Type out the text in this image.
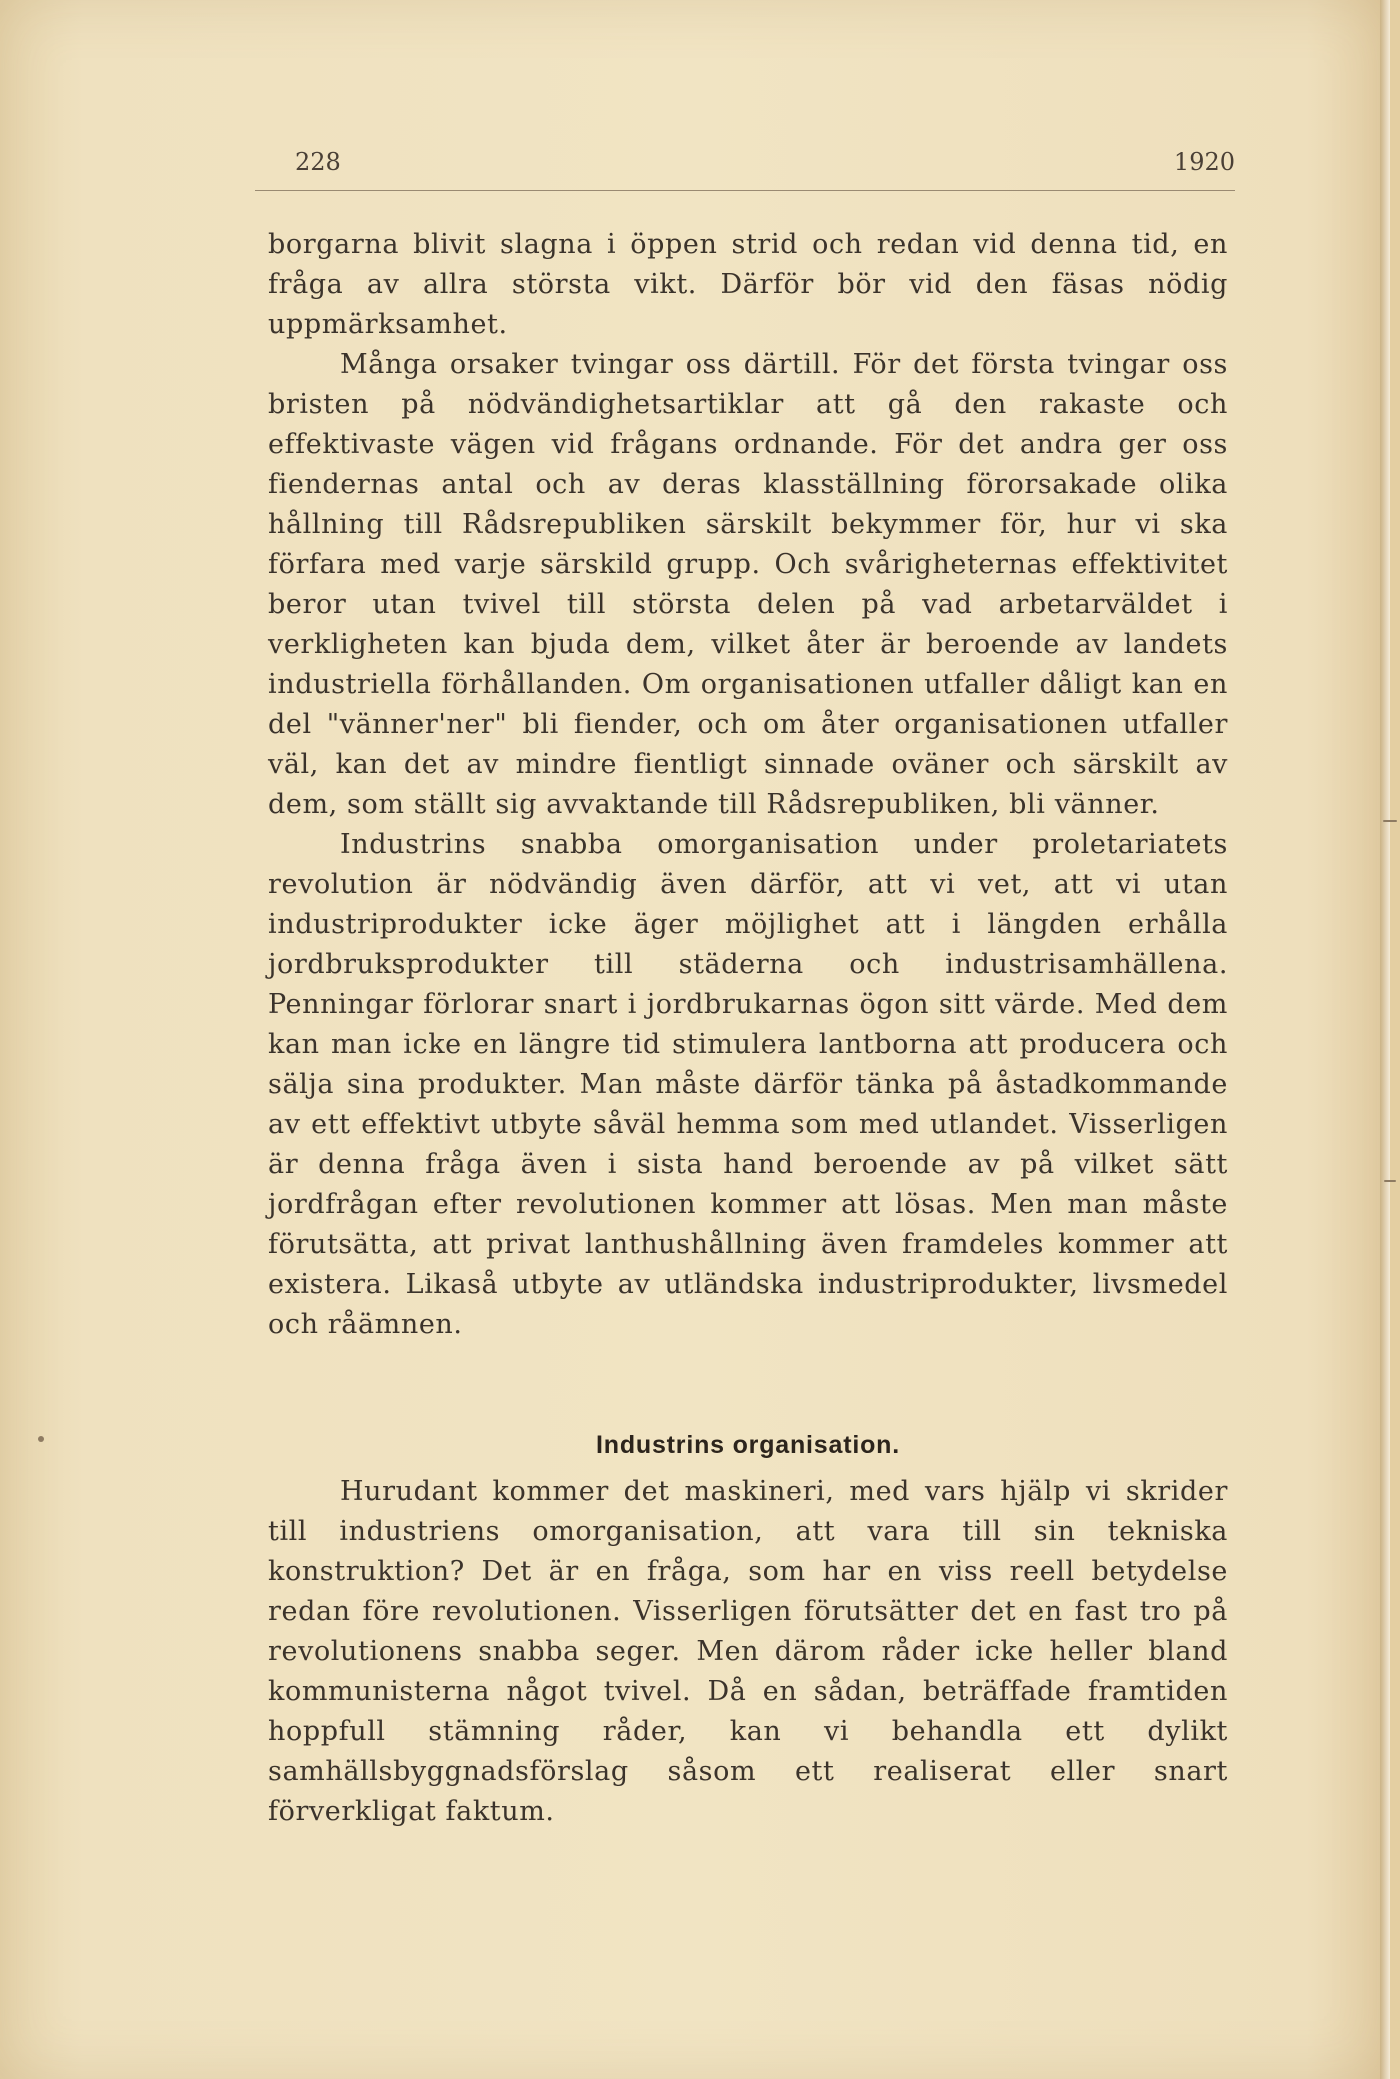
228	1920

borgarna blivit slagna i öppen strid och redan vid denna tid, en fråga av allra största vikt. Därför bör vid den fäsas nödig uppmärksamhet.

Många orsaker tvingar oss därtill. För det första tvingar oss bristen på nödvändighetsartiklar att gå den rakaste och effektivaste vägen vid frågans ordnande. För det andra ger oss fiendernas antal och av deras klasställning förorsakade olika hållning till Rådsrepubliken särskilt bekymmer för, hur vi ska förfara med varje särskild grupp. Och svårigheternas effektivitet beror utan tvivel till största delen på vad arbetarväldet i verkligheten kan bjuda dem, vilket åter är beroende av landets industriella förhållanden. Om organisationen utfaller dåligt kan en del "vänner'ner" bli fiender, och om åter organisationen utfaller väl, kan det av mindre fientligt sinnade oväner och särskilt av dem, som ställt sig avvaktande till Rådsrepubliken, bli vänner.

Industrins snabba omorganisation under proletariatets revolution är nödvändig även därför, att vi vet, att vi utan industriprodukter icke äger möjlighet att i längden erhålla jordbruksprodukter till städerna och industrisamhällena. Penningar förlorar snart i jordbrukarnas ögon sitt värde. Med dem kan man icke en längre tid stimulera lantborna att producera och sälja sina produkter. Man måste därför tänka på åstadkommande av ett effektivt utbyte såväl hemma som med utlandet. Visserligen är denna fråga även i sista hand beroende av på vilket sätt jordfrågan efter revolutionen kommer att lösas. Men man måste förutsätta, att privat lanthushållning även framdeles kommer att existera. Likaså utbyte av utländska industriprodukter, livsmedel och råämnen.

Industrins organisation.

Hurudant kommer det maskineri, med vars hjälp vi skrider till industriens omorganisation, att vara till sin tekniska konstruktion? Det är en fråga, som har en viss reell betydelse redan före revolutionen. Visserligen förutsätter det en fast tro på revolutionens snabba seger. Men därom råder icke heller bland kommunisterna något tvivel. Då en sådan, beträffade framtiden hoppfull stämning råder, kan vi behandla ett dylikt samhällsbyggnadsförslag såsom ett realiserat eller snart förverkligat faktum.
